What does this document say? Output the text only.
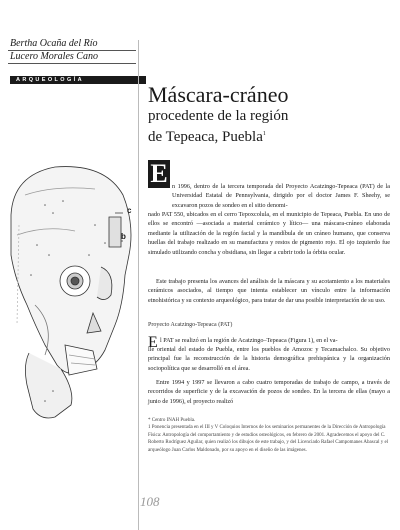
Bertha Ocaña del Río
Lucero Morales Cano
ARQUEOLOGÍA
Máscara-cráneo
procedente de la región
de Tepeaca, Puebla$^1$
c
b
E n 1996, dentro de la tercera temporada del Proyecto Acatzingo-Tepeaca (PAT) de la Universidad Estatal de Pennsylvania, dirigido por el doctor James F. Sheehy, se excavaron pozos de sondeo en el sitio denomi-
nado PAT 550, ubicados en el cerro Tepoxcolula, en el municipio de Tepeaca, Puebla. En uno de ellos se encontró —asociada a material cerámico y lítico— una máscara-cráneo elaborada mediante la utilización de la región facial y la mandíbula de un cráneo humano, que conserva huellas del trabajo realizado en su manufactura y restos de pigmento rojo. El ojo izquierdo fue simulado utilizando concha y obsidiana, sin llegar a cubrir todo la órbita ocular.
Este trabajo presenta los avances del análisis de la máscara y su acotamiento a los materiales cerámicos asociados, al tiempo que intenta establecer un vínculo entre la información etnohistórica y su contexto arqueológico, para tratar de dar una posible interpretación de su uso.
Proyecto Acatzingo-Tepeaca (PAT)
E l PAT se realizó en la región de Acatzingo–Tepeaca (Figura 1), en el va-
lle oriental del estado de Puebla, entre los pueblos de Amozoc y Tecamachalco. Su objetivo principal fue la reconstrucción de la historia demográfica prehispánica y la organización sociopolítica que se desarrolló en el área.
Entre 1994 y 1997 se llevaron a cabo cuatro temporadas de trabajo de campo, a través de recorridos de superficie y de la excavación de pozos de sondeo. En la tercera de ellas (mayo a junio de 1996), el proyecto realizó

* Centro INAH Puebla.

1 Ponencia presentada en el III y V Coloquios Internos de los seminarios permanentes de la Dirección de Antropología Física: Antropología del comportamiento y de estudios osteológicos, en febrero de 2001. Agradecemos el apoyo del C. Roberto Rodríguez Aguilar, quien realizó los dibujos de este trabajo, y del Licenciado Rafael Campomanes Abascal y el arqueólogo Juan Carlos Maldonado, por su apoyo en el diseño de las imágenes.

108
